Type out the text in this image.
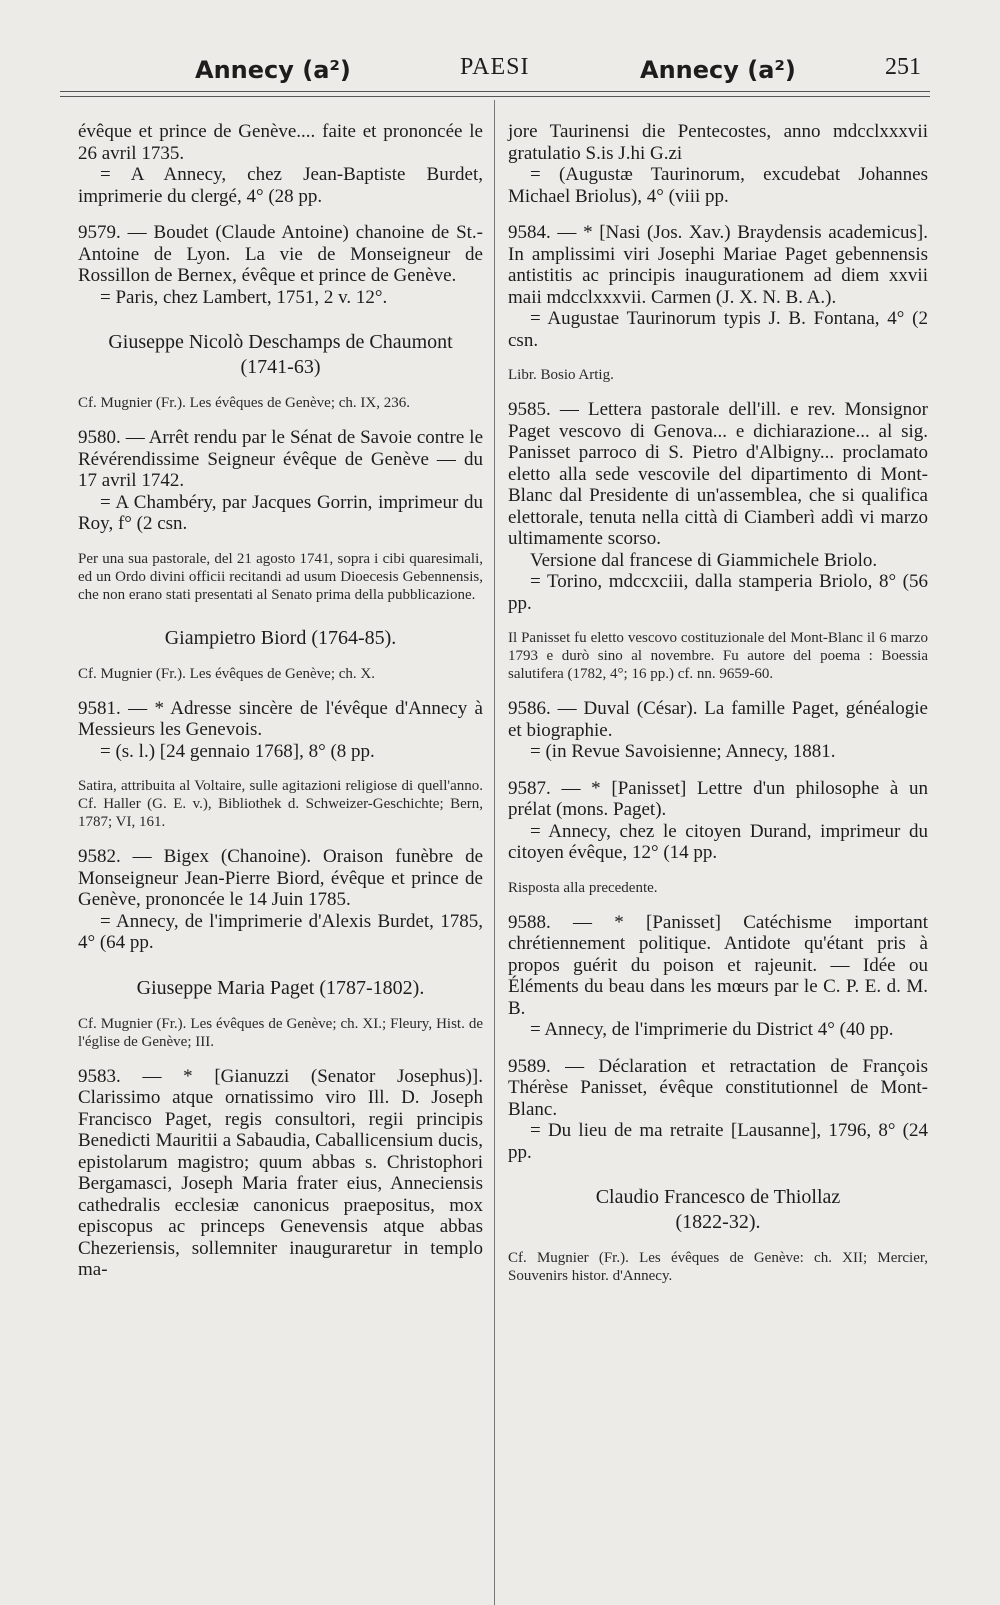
Annecy (a²)	PAESI	Annecy (a²)	251

évêque et prince de Genève.... faite et prononcée le 26 avril 1735.

= A Annecy, chez Jean-Baptiste Burdet, imprimerie du clergé, 4° (28 pp.

9579. — Boudet (Claude Antoine) chanoine de St.-Antoine de Lyon. La vie de Monseigneur de Rossillon de Bernex, évêque et prince de Genève.

= Paris, chez Lambert, 1751, 2 v. 12°.

Giuseppe Nicolò Deschamps de Chaumont
(1741-63)
Cf. Mugnier (Fr.). Les évêques de Genève; ch. IX, 236.

9580. — Arrêt rendu par le Sénat de Savoie contre le Révérendissime Seigneur évêque de Genève — du 17 avril 1742.

= A Chambéry, par Jacques Gorrin, imprimeur du Roy, f° (2 csn.

Per una sua pastorale, del 21 agosto 1741, sopra i cibi quaresimali, ed un Ordo divini officii recitandi ad usum Dioecesis Gebennensis, che non erano stati presentati al Senato prima della pubblicazione.
Giampietro Biord (1764-85).
Cf. Mugnier (Fr.). Les évêques de Genève; ch. X.

9581. — * Adresse sincère de l'évêque d'Annecy à Messieurs les Genevois.

= (s. l.) [24 gennaio 1768], 8° (8 pp.

Satira, attribuita al Voltaire, sulle agitazioni religiose di quell'anno. Cf. Haller (G. E. v.), Bibliothek d. Schweizer-Geschichte; Bern, 1787; VI, 161.

9582. — Bigex (Chanoine). Oraison funèbre de Monseigneur Jean-Pierre Biord, évêque et prince de Genève, prononcée le 14 Juin 1785.

= Annecy, de l'imprimerie d'Alexis Burdet, 1785, 4° (64 pp.

Giuseppe Maria Paget (1787-1802).
Cf. Mugnier (Fr.). Les évêques de Genève; ch. XI.; Fleury, Hist. de l'église de Genève; III.

9583. — * [Gianuzzi (Senator Josephus)]. Clarissimo atque ornatissimo viro Ill. D. Joseph Francisco Paget, regis consultori, regii principis Benedicti Mauritii a Sabaudia, Caballicensium ducis, epistolarum magistro; quum abbas s. Christophori Bergamasci, Joseph Maria frater eius, Anneciensis cathedralis ecclesiæ canonicus praepositus, mox episcopus ac princeps Genevensis atque abbas Chezeriensis, sollemniter inauguraretur in templo ma-

jore Taurinensi die Pentecostes, anno mdcclxxxvii gratulatio S.is J.hi G.zi

= (Augustæ Taurinorum, excudebat Johannes Michael Briolus), 4° (viii pp.

9584. — * [Nasi (Jos. Xav.) Braydensis academicus]. In amplissimi viri Josephi Mariae Paget gebennensis antistitis ac principis inaugurationem ad diem xxvii maii mdcclxxxvii. Carmen (J. X. N. B. A.).

= Augustae Taurinorum typis J. B. Fontana, 4° (2 csn.

Libr. Bosio Artig.

9585. — Lettera pastorale dell'ill. e rev. Monsignor Paget vescovo di Genova... e dichiarazione... al sig. Panisset parroco di S. Pietro d'Albigny... proclamato eletto alla sede vescovile del dipartimento di Mont-Blanc dal Presidente di un'assemblea, che si qualifica elettorale, tenuta nella città di Ciamberì addì vi marzo ultimamente scorso.

Versione dal francese di Giammichele Briolo.

= Torino, mdccxciii, dalla stamperia Briolo, 8° (56 pp.

Il Panisset fu eletto vescovo costituzionale del Mont-Blanc il 6 marzo 1793 e durò sino al novembre. Fu autore del poema : Boessia salutifera (1782, 4°; 16 pp.) cf. nn. 9659-60.

9586. — Duval (César). La famille Paget, généalogie et biographie.

= (in Revue Savoisienne; Annecy, 1881.

9587. — * [Panisset] Lettre d'un philosophe à un prélat (mons. Paget).

= Annecy, chez le citoyen Durand, imprimeur du citoyen évêque, 12° (14 pp.

Risposta alla precedente.

9588. — * [Panisset] Catéchisme important chrétiennement politique. Antidote qu'étant pris à propos guérit du poison et rajeunit. — Idée ou Éléments du beau dans les mœurs par le C. P. E. d. M. B.

= Annecy, de l'imprimerie du District 4° (40 pp.

9589. — Déclaration et retractation de François Thérèse Panisset, évêque constitutionnel de Mont-Blanc.

= Du lieu de ma retraite [Lausanne], 1796, 8° (24 pp.

Claudio Francesco de Thiollaz
(1822-32).
Cf. Mugnier (Fr.). Les évêques de Genève: ch. XII; Mercier, Souvenirs histor. d'Annecy.
